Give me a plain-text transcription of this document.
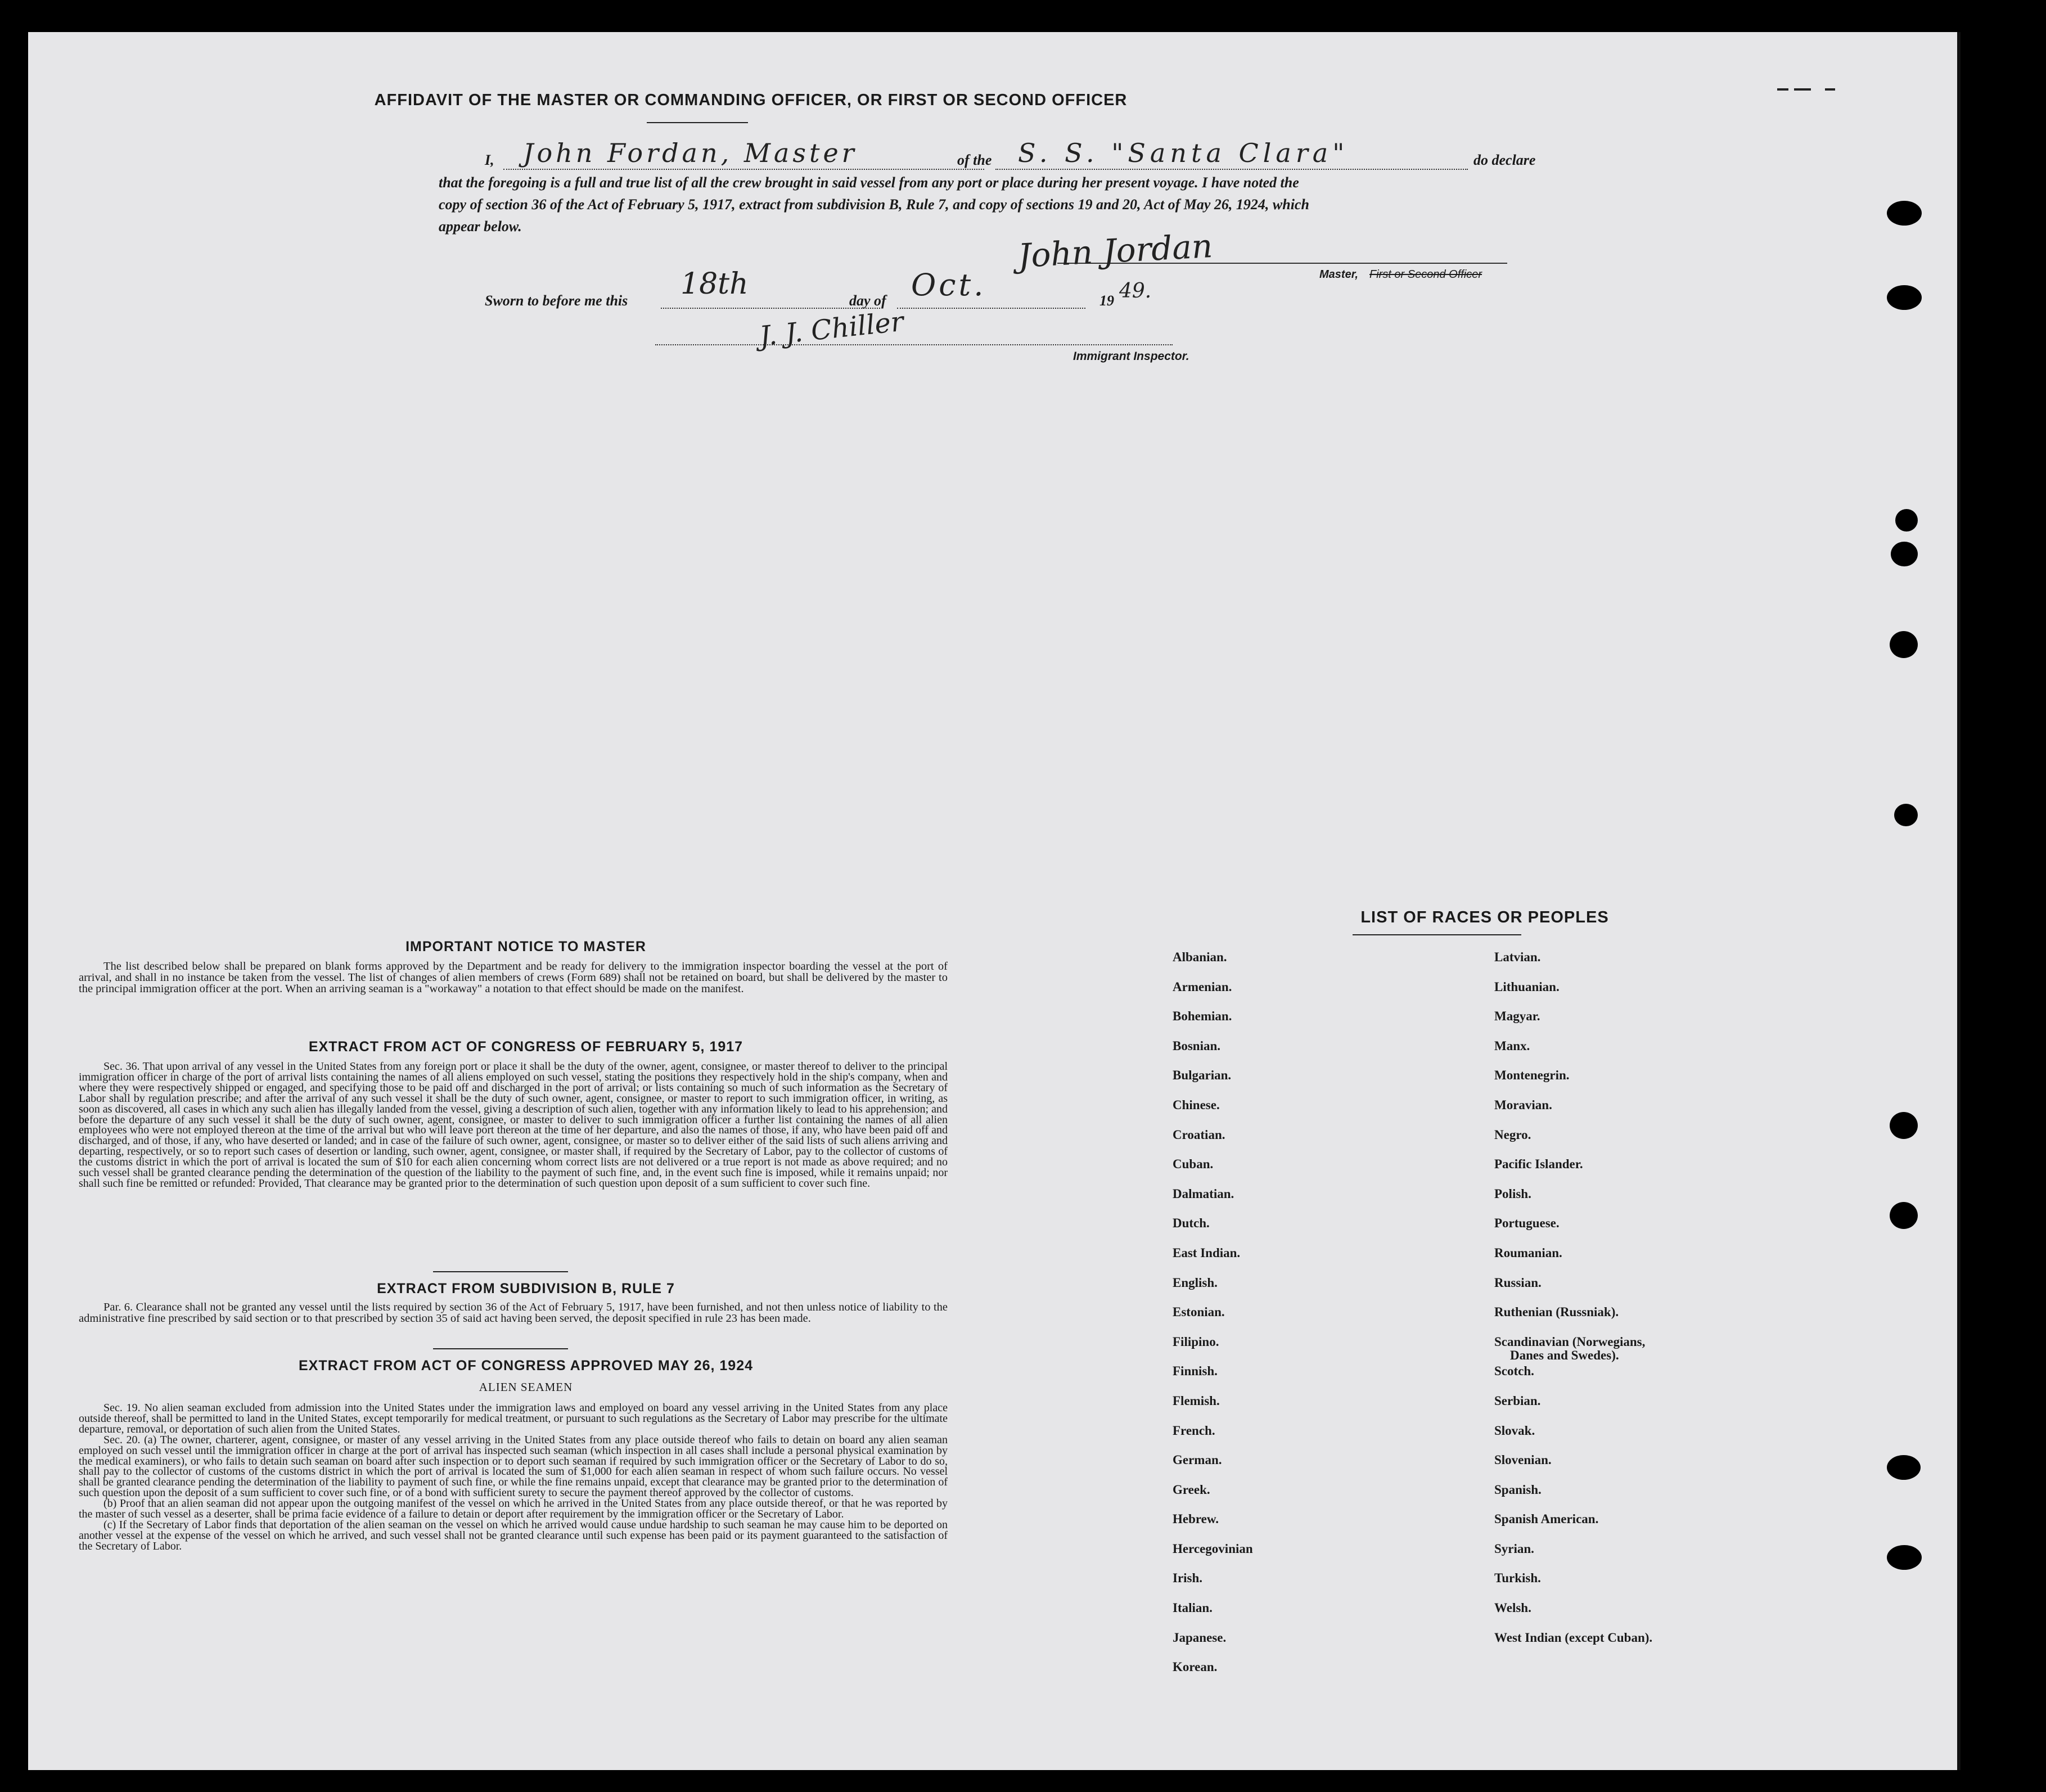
AFFIDAVIT OF THE MASTER OR COMMANDING OFFICER, OR FIRST OR SECOND OFFICER
I, John Fordan, Master	of the S. S. "Santa Clara"	do declare
that the foregoing is a full and true list of all the crew brought in said vessel from any port or place during her present voyage. I have noted the
copy of section 36 of the Act of February 5, 1917, extract from subdivision B, Rule 7, and copy of sections 19 and 20, Act of May 26, 1924, which
appear below.
John Jordan	Master, First or Second Officer
Sworn to before me this 18th	day of Oct.	19 49.
J. J. Chiller
Immigrant Inspector.
IMPORTANT NOTICE TO MASTER

The list described below shall be prepared on blank forms approved by the Department and be ready for delivery to the immigration inspector boarding the vessel at the port of arrival, and shall in no instance be taken from the vessel. The list of changes of alien members of crews (Form 689) shall not be retained on board, but shall be delivered by the master to the principal immigration officer at the port. When an arriving seaman is a "workaway" a notation to that effect should be made on the manifest.

EXTRACT FROM ACT OF CONGRESS OF FEBRUARY 5, 1917

Sec. 36. That upon arrival of any vessel in the United States from any foreign port or place it shall be the duty of the owner, agent, consignee, or master thereof to deliver to the principal immigration officer in charge of the port of arrival lists containing the names of all aliens employed on such vessel, stating the positions they respectively hold in the ship's company, when and where they were respectively shipped or engaged, and specifying those to be paid off and discharged in the port of arrival; or lists containing so much of such information as the Secretary of Labor shall by regulation prescribe; and after the arrival of any such vessel it shall be the duty of such owner, agent, consignee, or master to report to such immigration officer, in writing, as soon as discovered, all cases in which any such alien has illegally landed from the vessel, giving a description of such alien, together with any information likely to lead to his apprehension; and before the departure of any such vessel it shall be the duty of such owner, agent, consignee, or master to deliver to such immigration officer a further list containing the names of all alien employees who were not employed thereon at the time of the arrival but who will leave port thereon at the time of her departure, and also the names of those, if any, who have been paid off and discharged, and of those, if any, who have deserted or landed; and in case of the failure of such owner, agent, consignee, or master so to deliver either of the said lists of such aliens arriving and departing, respectively, or so to report such cases of desertion or landing, such owner, agent, consignee, or master shall, if required by the Secretary of Labor, pay to the collector of customs of the customs district in which the port of arrival is located the sum of $10 for each alien concerning whom correct lists are not delivered or a true report is not made as above required; and no such vessel shall be granted clearance pending the determination of the question of the liability to the payment of such fine, and, in the event such fine is imposed, while it remains unpaid; nor shall such fine be remitted or refunded: Provided, That clearance may be granted prior to the determination of such question upon deposit of a sum sufficient to cover such fine.

EXTRACT FROM SUBDIVISION B, RULE 7

Par. 6. Clearance shall not be granted any vessel until the lists required by section 36 of the Act of February 5, 1917, have been furnished, and not then unless notice of liability to the administrative fine prescribed by said section or to that prescribed by section 35 of said act having been served, the deposit specified in rule 23 has been made.

EXTRACT FROM ACT OF CONGRESS APPROVED MAY 26, 1924
ALIEN SEAMEN

Sec. 19. No alien seaman excluded from admission into the United States under the immigration laws and employed on board any vessel arriving in the United States from any place outside thereof, shall be permitted to land in the United States, except temporarily for medical treatment, or pursuant to such regulations as the Secretary of Labor may prescribe for the ultimate departure, removal, or deportation of such alien from the United States.

Sec. 20. (a) The owner, charterer, agent, consignee, or master of any vessel arriving in the United States from any place outside thereof who fails to detain on board any alien seaman employed on such vessel until the immigration officer in charge at the port of arrival has inspected such seaman (which inspection in all cases shall include a personal physical examination by the medical examiners), or who fails to detain such seaman on board after such inspection or to deport such seaman if required by such immigration officer or the Secretary of Labor to do so, shall pay to the collector of customs of the customs district in which the port of arrival is located the sum of $1,000 for each alien seaman in respect of whom such failure occurs. No vessel shall be granted clearance pending the determination of the liability to payment of such fine, or while the fine remains unpaid, except that clearance may be granted prior to the determination of such question upon the deposit of a sum sufficient to cover such fine, or of a bond with sufficient surety to secure the payment thereof approved by the collector of customs.

(b) Proof that an alien seaman did not appear upon the outgoing manifest of the vessel on which he arrived in the United States from any place outside thereof, or that he was reported by the master of such vessel as a deserter, shall be prima facie evidence of a failure to detain or deport after requirement by the immigration officer or the Secretary of Labor.

(c) If the Secretary of Labor finds that deportation of the alien seaman on the vessel on which he arrived would cause undue hardship to such seaman he may cause him to be deported on another vessel at the expense of the vessel on which he arrived, and such vessel shall not be granted clearance until such expense has been paid or its payment guaranteed to the satisfaction of the Secretary of Labor.

LIST OF RACES OR PEOPLES
Albanian.
Armenian.
Bohemian.
Bosnian.
Bulgarian.
Chinese.
Croatian.
Cuban.
Dalmatian.
Dutch.
East Indian.
English.
Estonian.
Filipino.
Finnish.
Flemish.
French.
German.
Greek.
Hebrew.
Hercegovinian
Irish.
Italian.
Japanese.
Korean.
Latvian.
Lithuanian.
Magyar.
Manx.
Montenegrin.
Moravian.
Negro.
Pacific Islander.
Polish.
Portuguese.
Roumanian.
Russian.
Ruthenian (Russniak).
Scandinavian (Norwegians,
Danes and Swedes).
Scotch.
Serbian.
Slovak.
Slovenian.
Spanish.
Spanish American.
Syrian.
Turkish.
Welsh.
West Indian (except Cuban).
